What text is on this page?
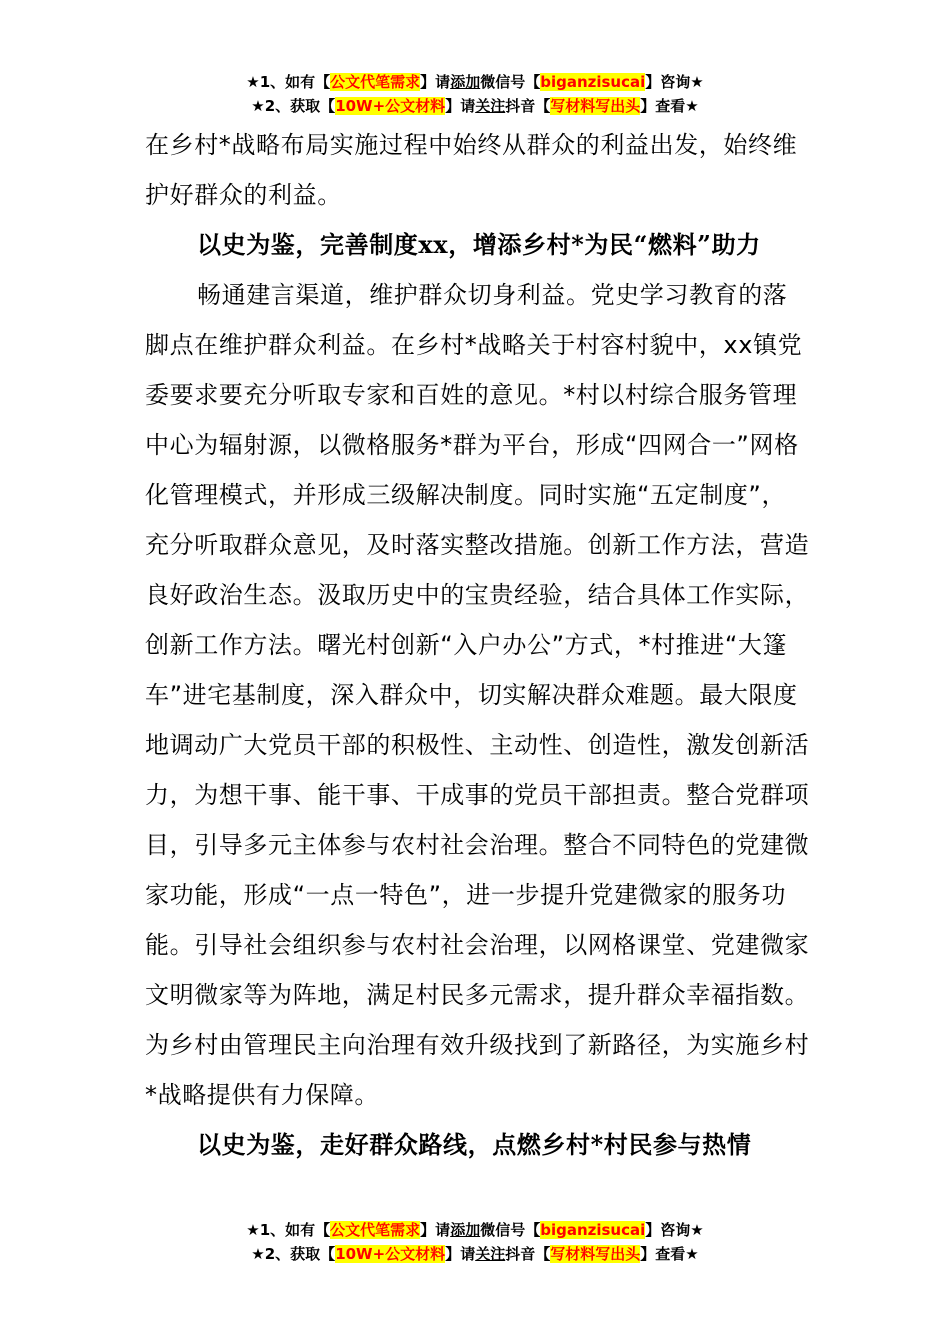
★1、如有【公文代笔需求】请添加微信号【biganzisucai】咨询★
★2、获取【10W+公文材料】请关注抖音【写材料写出头】查看★

在乡村*战略布局实施过程中始终从群众的利益出发，始终维护好群众的利益。

以史为鉴，完善制度xx，增添乡村*为民“燃料”助力

畅通建言渠道，维护群众切身利益。党史学习教育的落脚点在维护群众利益。在乡村*战略关于村容村貌中，xx镇党委要求要充分听取专家和百姓的意见。*村以村综合服务管理中心为辐射源，以微格服务*群为平台，形成“四网合一”网格化管理模式，并形成三级解决制度。同时实施“五定制度”，充分听取群众意见，及时落实整改措施。创新工作方法，营造良好政治生态。汲取历史中的宝贵经验，结合具体工作实际，创新工作方法。曙光村创新“入户办公”方式，*村推进“大篷车”进宅基制度，深入群众中，切实解决群众难题。最大限度地调动广大党员干部的积极性、主动性、创造性，激发创新活力，为想干事、能干事、干成事的党员干部担责。整合党群项目，引导多元主体参与农村社会治理。整合不同特色的党建微家功能，形成“一点一特色”，进一步提升党建微家的服务功能。引导社会组织参与农村社会治理，以网格课堂、党建微家文明微家等为阵地，满足村民多元需求，提升群众幸福指数。为乡村由管理民主向治理有效升级找到了新路径，为实施乡村*战略提供有力保障。

以史为鉴，走好群众路线，点燃乡村*村民参与热情

★1、如有【公文代笔需求】请添加微信号【biganzisucai】咨询★
★2、获取【10W+公文材料】请关注抖音【写材料写出头】查看★
